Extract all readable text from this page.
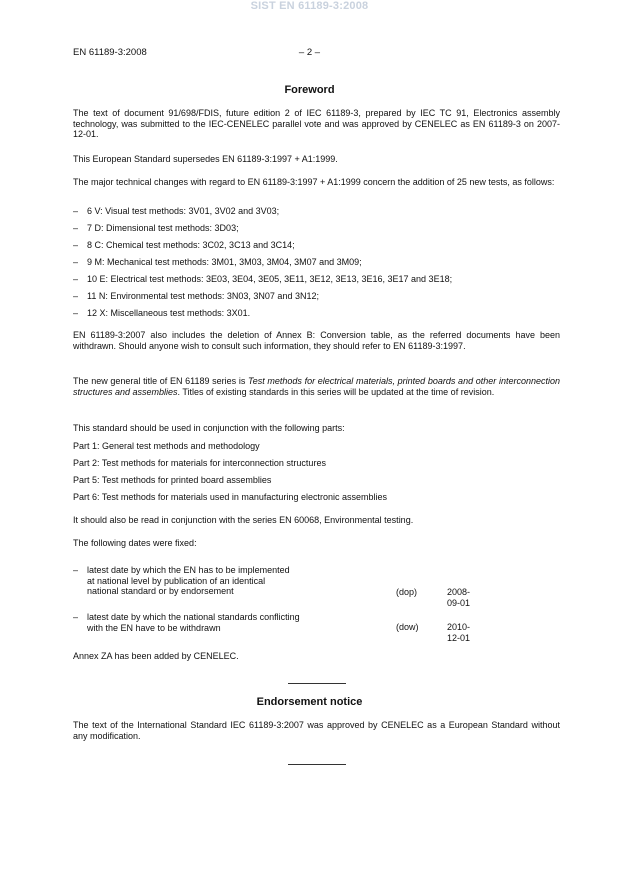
SIST EN 61189-3:2008
EN 61189-3:2008	– 2 –
Foreword

The text of document 91/698/FDIS, future edition 2 of IEC 61189-3, prepared by IEC TC 91, Electronics assembly technology, was submitted to the IEC-CENELEC parallel vote and was approved by CENELEC as EN 61189-3 on 2007-12-01.

This European Standard supersedes EN 61189-3:1997 + A1:1999.

The major technical changes with regard to EN 61189-3:1997 + A1:1999 concern the addition of 25 new tests, as follows:

– 6 V: Visual test methods: 3V01, 3V02 and 3V03;
– 7 D: Dimensional test methods: 3D03;
– 8 C: Chemical test methods: 3C02, 3C13 and 3C14;
– 9 M: Mechanical test methods: 3M01, 3M03, 3M04, 3M07 and 3M09;
– 10 E: Electrical test methods: 3E03, 3E04, 3E05, 3E11, 3E12, 3E13, 3E16, 3E17 and 3E18;
– 11 N: Environmental test methods: 3N03, 3N07 and 3N12;
– 12 X: Miscellaneous test methods: 3X01.

EN 61189-3:2007 also includes the deletion of Annex B: Conversion table, as the referred documents have been withdrawn. Should anyone wish to consult such information, they should refer to EN 61189-3:1997.

The new general title of EN 61189 series is Test methods for electrical materials, printed boards and other interconnection structures and assemblies. Titles of existing standards in this series will be updated at the time of revision.

This standard should be used in conjunction with the following parts:

Part 1: General test methods and methodology
Part 2: Test methods for materials for interconnection structures
Part 5: Test methods for printed board assemblies
Part 6: Test methods for materials used in manufacturing electronic assemblies

It should also be read in conjunction with the series EN 60068, Environmental testing.

The following dates were fixed:

– latest date by which the EN has to be implemented
at national level by publication of an identical
national standard or by endorsement	(dop)	2008-09-01
– latest date by which the national standards conflicting
with the EN have to be withdrawn	(dow)	2010-12-01

Annex ZA has been added by CENELEC.

Endorsement notice

The text of the International Standard IEC 61189-3:2007 was approved by CENELEC as a European Standard without any modification.
